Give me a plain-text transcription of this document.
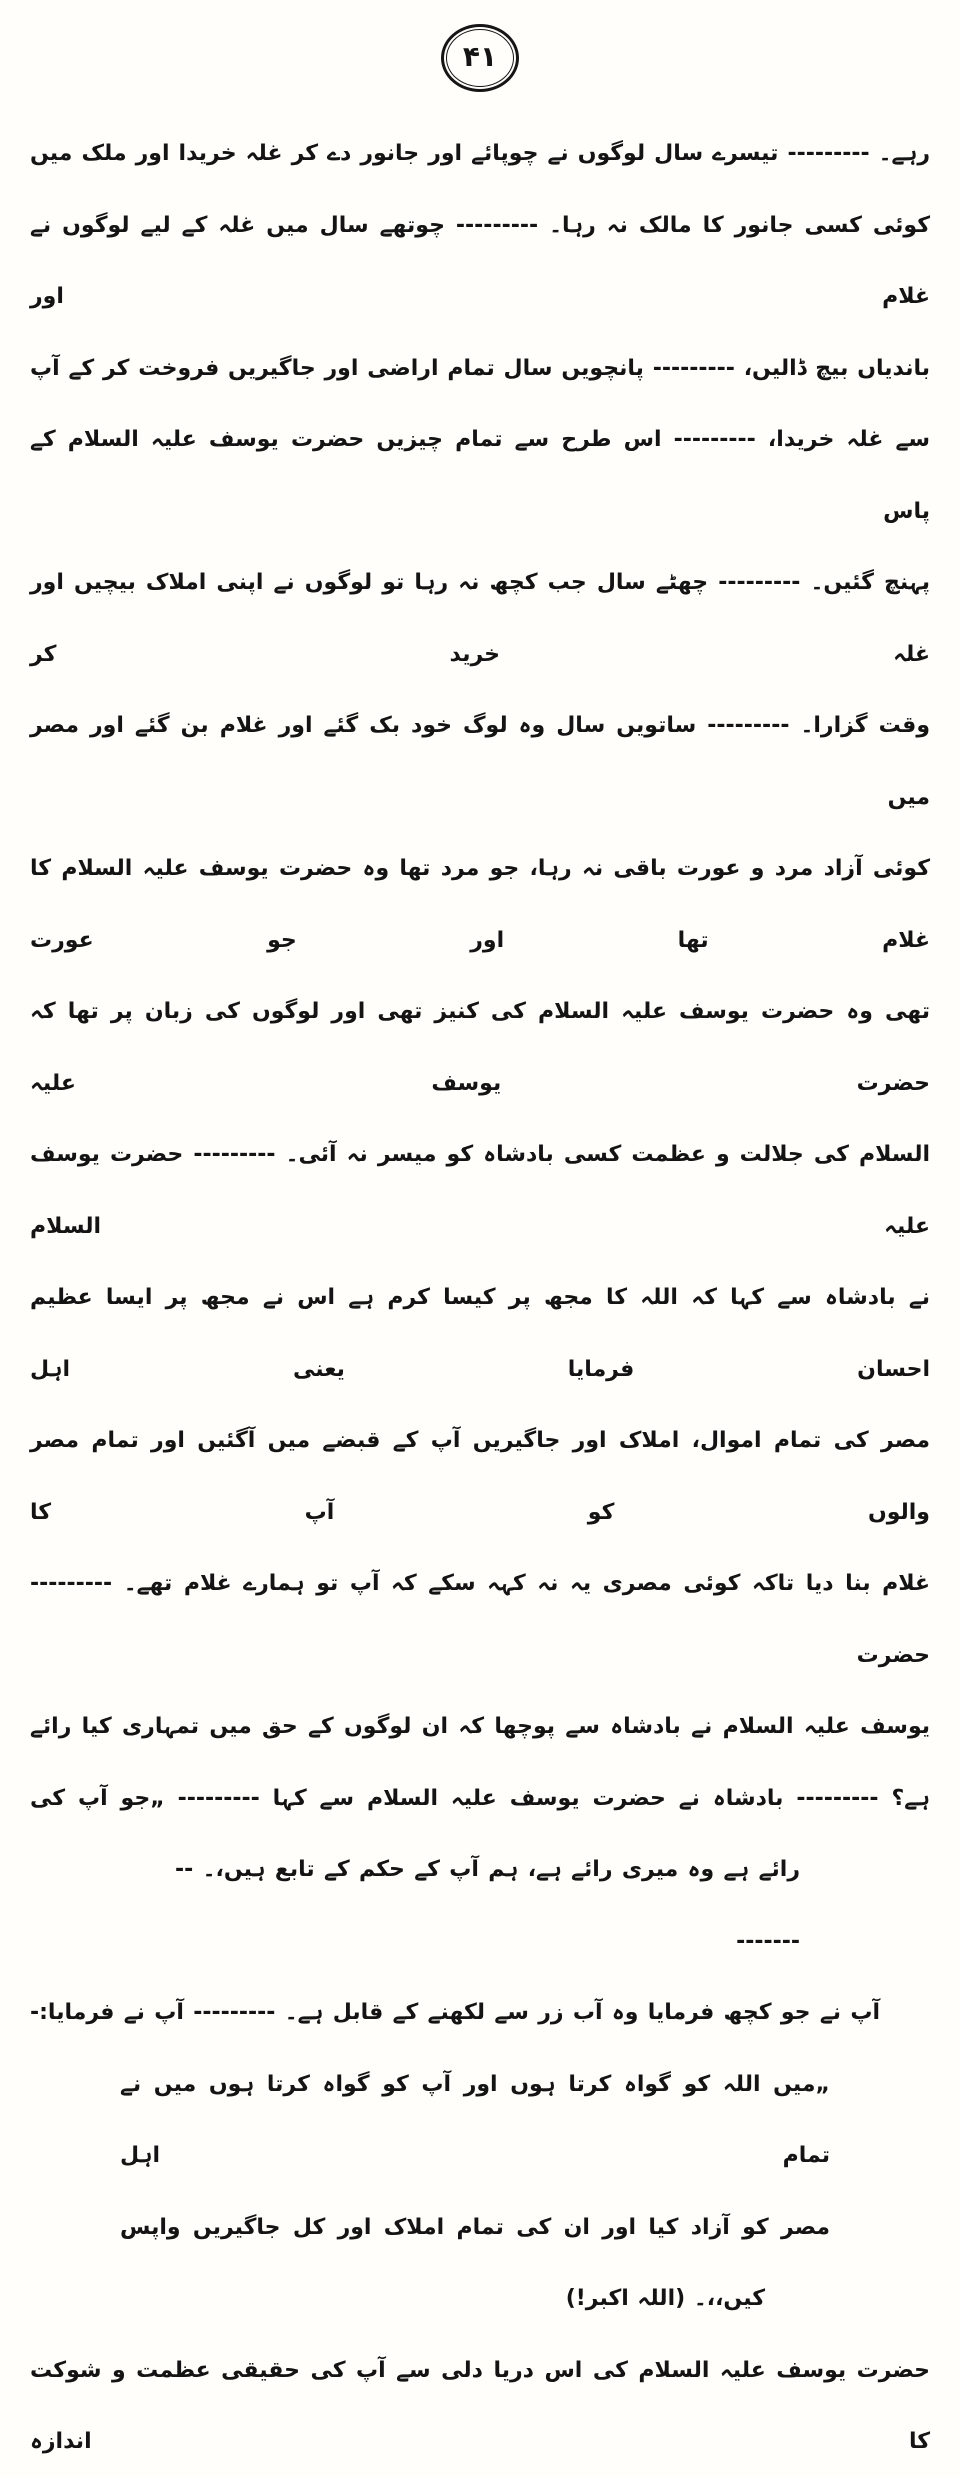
۴۱
رہے۔ --------- تیسرے سال لوگوں نے چوپائے اور جانور دے کر غلہ خریدا اور ملک میں
کوئی کسی جانور کا مالک نہ رہا۔ --------- چوتھے سال میں غلہ کے لیے لوگوں نے غلام اور
باندیاں بیچ ڈالیں، --------- پانچویں سال تمام اراضی اور جاگیریں فروخت کر کے آپ
سے غلہ خریدا، --------- اس طرح سے تمام چیزیں حضرت یوسف علیہ السلام کے پاس
پہنچ گئیں۔ --------- چھٹے سال جب کچھ نہ رہا تو لوگوں نے اپنی املاک بیچیں اور غلہ خرید کر
وقت گزارا۔ --------- ساتویں سال وہ لوگ خود بک گئے اور غلام بن گئے اور مصر میں
کوئی آزاد مرد و عورت باقی نہ رہا، جو مرد تھا وہ حضرت یوسف علیہ السلام کا غلام تھا اور جو عورت
تھی وہ حضرت یوسف علیہ السلام کی کنیز تھی اور لوگوں کی زبان پر تھا کہ حضرت یوسف علیہ
السلام کی جلالت و عظمت کسی بادشاہ کو میسر نہ آئی۔ --------- حضرت یوسف علیہ السلام
نے بادشاہ سے کہا کہ اللہ کا مجھ پر کیسا کرم ہے اس نے مجھ پر ایسا عظیم احسان فرمایا یعنی اہل
مصر کی تمام اموال، املاک اور جاگیریں آپ کے قبضے میں آگئیں اور تمام مصر والوں کو آپ کا
غلام بنا دیا تاکہ کوئی مصری یہ نہ کہہ سکے کہ آپ تو ہمارے غلام تھے۔ --------- حضرت
یوسف علیہ السلام نے بادشاہ سے پوچھا کہ ان لوگوں کے حق میں تمہاری کیا رائے
ہے؟ --------- بادشاہ نے حضرت یوسف علیہ السلام سے کہا --------- „جو آپ کی
رائے ہے وہ میری رائے ہے، ہم آپ کے حکم کے تابع ہیں،۔ ---------
آپ نے جو کچھ فرمایا وہ آب زر سے لکھنے کے قابل ہے۔ --------- آپ نے فرمایا:-
„میں اللہ کو گواہ کرتا ہوں اور آپ کو گواہ کرتا ہوں میں نے تمام اہل
مصر کو آزاد کیا اور ان کی تمام املاک اور کل جاگیریں واپس
کیں،،۔ (اللہ اکبر!)
حضرت یوسف علیہ السلام کی اس دریا دلی سے آپ کی حقیقی عظمت و شوکت کا اندازہ
